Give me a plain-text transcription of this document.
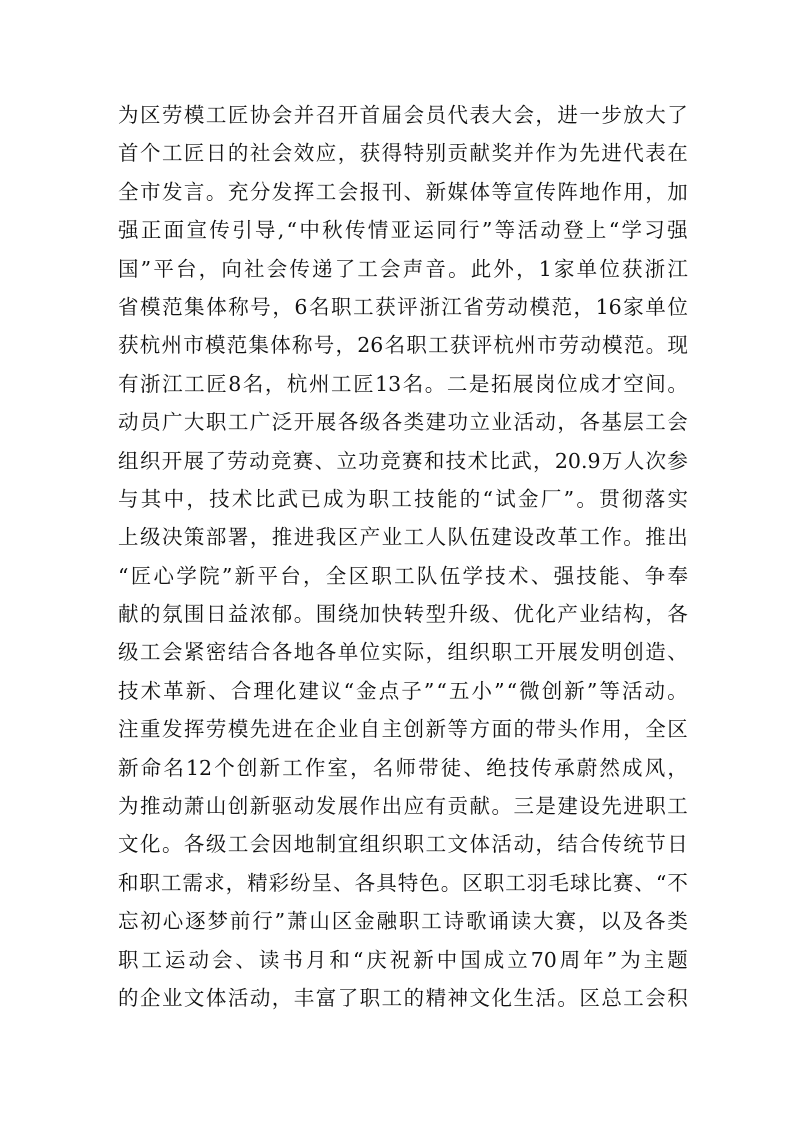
为 区 劳 模 工 匠 协 会 并 召 开 首 届 会 员 代 表 大 会 ， 进 一 步 放 大 了
首 个 工 匠 日 的 社 会 效 应 ， 获 得 特 别 贡 献 奖 并 作 为 先 进 代 表 在
全 市 发 言 。 充 分 发 挥 工 会 报 刊 、 新 媒 体 等 宣 传 阵 地 作 用 ， 加
强 正 面 宣 传 引 导 , “ 中 秋 传 情 亚 运 同 行 ” 等 活 动 登 上 “ 学 习 强
国 ” 平 台 ， 向 社 会 传 递 了 工 会 声 音 。 此 外 ， 1 家 单 位 获 浙 江
省 模 范 集 体 称 号 ， 6 名 职 工 获 评 浙 江 省 劳 动 模 范 ， 16 家 单 位
获 杭 州 市 模 范 集 体 称 号 ， 26 名 职 工 获 评 杭 州 市 劳 动 模 范 。 现
有 浙 江 工 匠 8 名 ， 杭 州 工 匠 13 名 。 二 是 拓 展 岗 位 成 才 空 间 。
动 员 广 大 职 工 广 泛 开 展 各 级 各 类 建 功 立 业 活 动 ， 各 基 层 工 会
组 织 开 展 了 劳 动 竞 赛 、 立 功 竞 赛 和 技 术 比 武 ， 20.9 万 人 次 参
与 其 中 ， 技 术 比 武 已 成 为 职 工 技 能 的 “ 试 金 厂 ” 。 贯 彻 落 实
上 级 决 策 部 署 ， 推 进 我 区 产 业 工 人 队 伍 建 设 改 革 工 作 。 推 出
“ 匠 心 学 院 ” 新 平 台 ， 全 区 职 工 队 伍 学 技 术 、 强 技 能 、 争 奉
献 的 氛 围 日 益 浓 郁 。 围 绕 加 快 转 型 升 级 、 优 化 产 业 结 构 ， 各
级 工 会 紧 密 结 合 各 地 各 单 位 实 际 ， 组 织 职 工 开 展 发 明 创 造 、
技 术 革 新 、 合 理 化 建 议 “ 金 点 子 ” “ 五 小 ” “ 微 创 新 ” 等 活 动 。
注 重 发 挥 劳 模 先 进 在 企 业 自 主 创 新 等 方 面 的 带 头 作 用 ， 全 区
新 命 名 12 个 创 新 工 作 室 ， 名 师 带 徒 、 绝 技 传 承 蔚 然 成 风 ，
为 推 动 萧 山 创 新 驱 动 发 展 作 出 应 有 贡 献 。 三 是 建 设 先 进 职 工
文 化 。 各 级 工 会 因 地 制 宜 组 织 职 工 文 体 活 动 ， 结 合 传 统 节 日
和 职 工 需 求 ， 精 彩 纷 呈 、 各 具 特 色 。 区 职 工 羽 毛 球 比 赛 、 “ 不
忘 初 心 逐 梦 前 行 ” 萧 山 区 金 融 职 工 诗 歌 诵 读 大 赛 ， 以 及 各 类
职 工 运 动 会 、 读 书 月 和 “ 庆 祝 新 中 国 成 立 70 周 年 ” 为 主 题
的 企 业 文 体 活 动 ， 丰 富 了 职 工 的 精 神 文 化 生 活 。 区 总 工 会 积
